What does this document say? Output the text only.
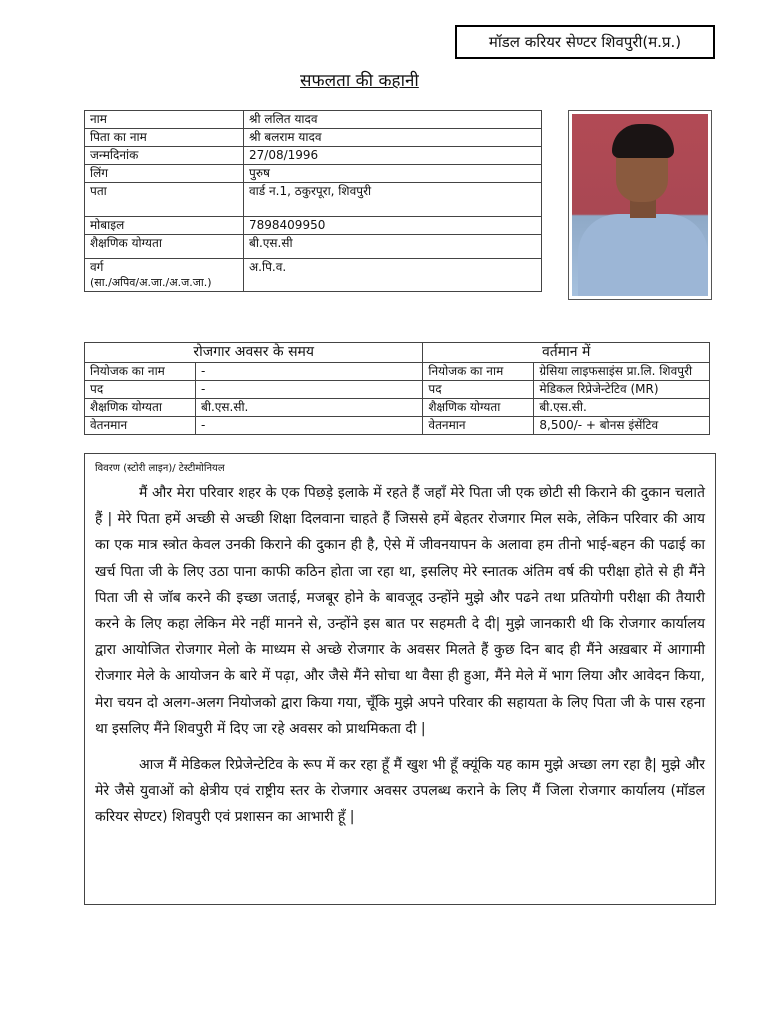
मॉडल करियर सेण्टर शिवपुरी(म.प्र.)
सफलता की कहानी
नाम	श्री ललित यादव
पिता का नाम	श्री बलराम यादव
जन्मदिनांक	27/08/1996
लिंग	पुरुष
पता	वार्ड न.1, ठकुरपूरा, शिवपुरी
मोबाइल	7898409950
शैक्षणिक योग्यता	बी.एस.सी

वर्ग
(सा./अपिव/अ.जा./अ.ज.जा.)	अ.पि.व.
रोजगार अवसर के समय		वर्तमान में	
नियोजक का नाम	-	नियोजक का नाम	ग्रेसिया लाइफसाइंस प्रा.लि. शिवपुरी
पद	-	पद	मेडिकल रिप्रेजेन्टेटिव (MR)
शैक्षणिक योग्यता	बी.एस.सी.	शैक्षणिक योग्यता	बी.एस.सी.
वेतनमान	-	वेतनमान	8,500/- + बोनस इंसेंटिव
विवरण (स्टोरी लाइन)/ टेस्टीमोनियल

मैं और मेरा परिवार शहर के एक पिछड़े इलाके में रहते हैं जहाँ मेरे पिता जी एक छोटी सी किराने की दुकान चलाते हैं | मेरे पिता हमें अच्छी से अच्छी शिक्षा दिलवाना चाहते हैं जिससे हमें बेहतर रोजगार मिल सके, लेकिन परिवार की आय का एक मात्र स्त्रोत केवल उनकी किराने की दुकान ही है, ऐसे में जीवनयापन के अलावा हम तीनो भाई-बहन की पढाई का खर्च पिता जी के लिए उठा पाना काफी कठिन होता जा रहा था, इसलिए मेरे स्नातक अंतिम वर्ष की परीक्षा होते से ही मैंने पिता जी से जॉब करने की इच्छा जताई, मजबूर होने के बावजूद उन्होंने मुझे और पढने तथा प्रतियोगी परीक्षा की तैयारी करने के लिए कहा लेकिन मेरे नहीं मानने से, उन्होंने इस बात पर सहमती दे दी| मुझे जानकारी थी कि रोजगार कार्यालय द्वारा आयोजित रोजगार मेलो के माध्यम से अच्छे रोजगार के अवसर मिलते हैं कुछ दिन बाद ही मैंने अख़बार में आगामी रोजगार मेले के आयोजन के बारे में पढ़ा, और जैसे मैंने सोचा था वैसा ही हुआ, मैंने मेले में भाग लिया और आवेदन किया, मेरा चयन दो अलग-अलग नियोजको द्वारा किया गया, चूँकि मुझे अपने परिवार की सहायता के लिए पिता जी के पास रहना था इसलिए मैंने शिवपुरी में दिए जा रहे अवसर को प्राथमिकता दी |

आज मैं मेडिकल रिप्रेजेन्टेटिव के रूप में कर रहा हूँ मैं खुश भी हूँ क्यूंकि यह काम मुझे अच्छा लग रहा है| मुझे और मेरे जैसे युवाओं को क्षेत्रीय एवं राष्ट्रीय स्तर के रोजगार अवसर उपलब्ध कराने के लिए मैं जिला रोजगार कार्यालय (मॉडल करियर सेण्टर) शिवपुरी एवं प्रशासन का आभारी हूँ |
